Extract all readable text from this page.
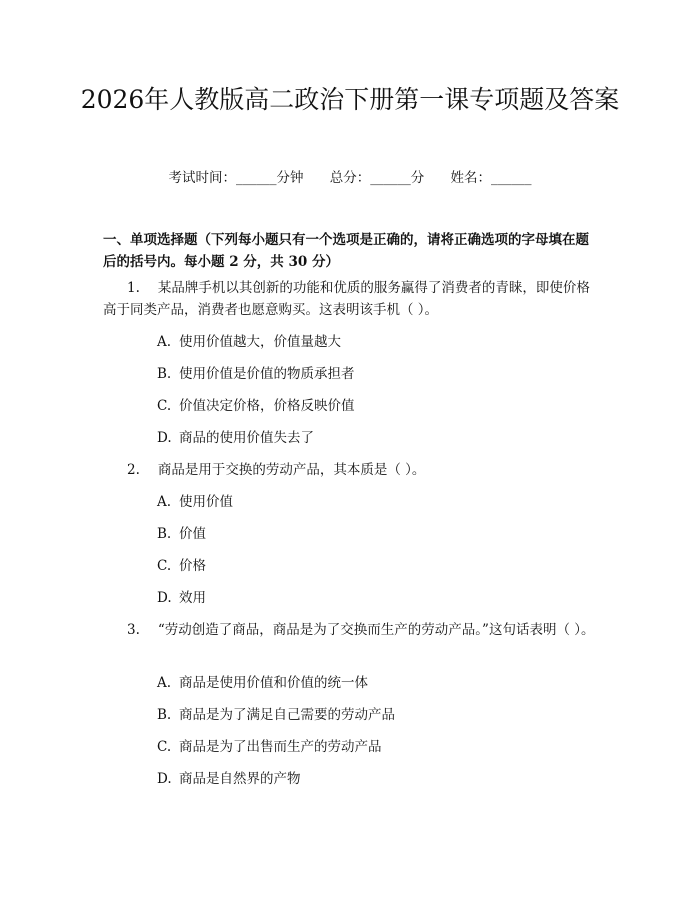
2026年人教版高二政治下册第一课专项题及答案
考试时间：______分钟 总分：______分 姓名：______

一、单项选择题（下列每小题只有一个选项是正确的，请将正确选项的字母填在题后的括号内。每小题 2 分，共 30 分）

1. 某品牌手机以其创新的功能和优质的服务赢得了消费者的青睐，即使价格高于同类产品，消费者也愿意购买。这表明该手机（ ）。

A. 使用价值越大，价值量越大
B. 使用价值是价值的物质承担者
C. 价值决定价格，价格反映价值
D. 商品的使用价值失去了

2. 商品是用于交换的劳动产品，其本质是（ ）。

A. 使用价值
B. 价值
C. 价格
D. 效用

3. “劳动创造了商品，商品是为了交换而生产的劳动产品。”这句话表明（ ）。

A. 商品是使用价值和价值的统一体
B. 商品是为了满足自己需要的劳动产品
C. 商品是为了出售而生产的劳动产品
D. 商品是自然界的产物
